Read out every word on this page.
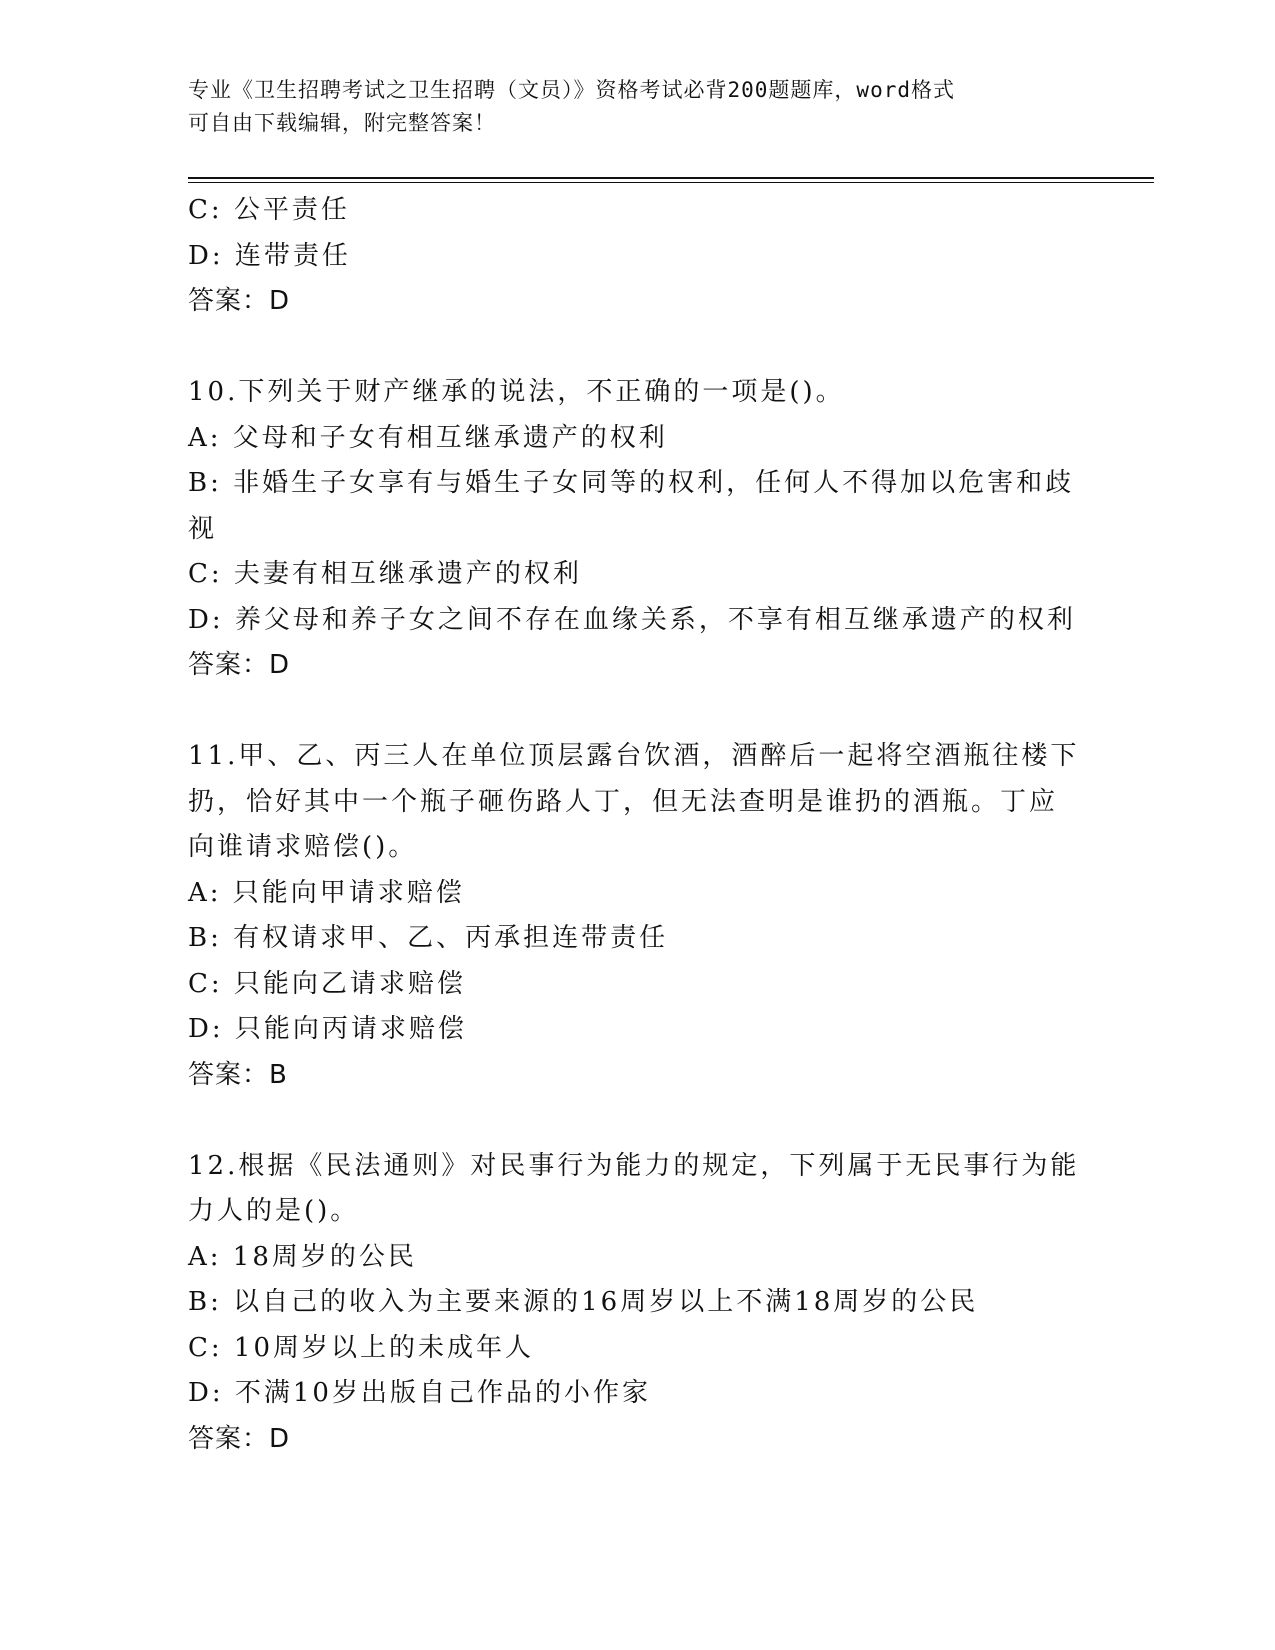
专业《卫生招聘考试之卫生招聘（文员）》资格考试必背200题题库，word格式
可自由下载编辑，附完整答案！
C: 公平责任
D: 连带责任
答案：D
10.下列关于财产继承的说法，不正确的一项是()。
A: 父母和子女有相互继承遗产的权利
B: 非婚生子女享有与婚生子女同等的权利，任何人不得加以危害和歧
视
C: 夫妻有相互继承遗产的权利
D: 养父母和养子女之间不存在血缘关系，不享有相互继承遗产的权利
答案：D
11.甲、乙、丙三人在单位顶层露台饮酒，酒醉后一起将空酒瓶往楼下
扔，恰好其中一个瓶子砸伤路人丁，但无法查明是谁扔的酒瓶。丁应
向谁请求赔偿()。
A: 只能向甲请求赔偿
B: 有权请求甲、乙、丙承担连带责任
C: 只能向乙请求赔偿
D: 只能向丙请求赔偿
答案：B
12.根据《民法通则》对民事行为能力的规定，下列属于无民事行为能
力人的是()。
A: 18周岁的公民
B: 以自己的收入为主要来源的16周岁以上不满18周岁的公民
C: 10周岁以上的未成年人
D: 不满10岁出版自己作品的小作家
答案：D
